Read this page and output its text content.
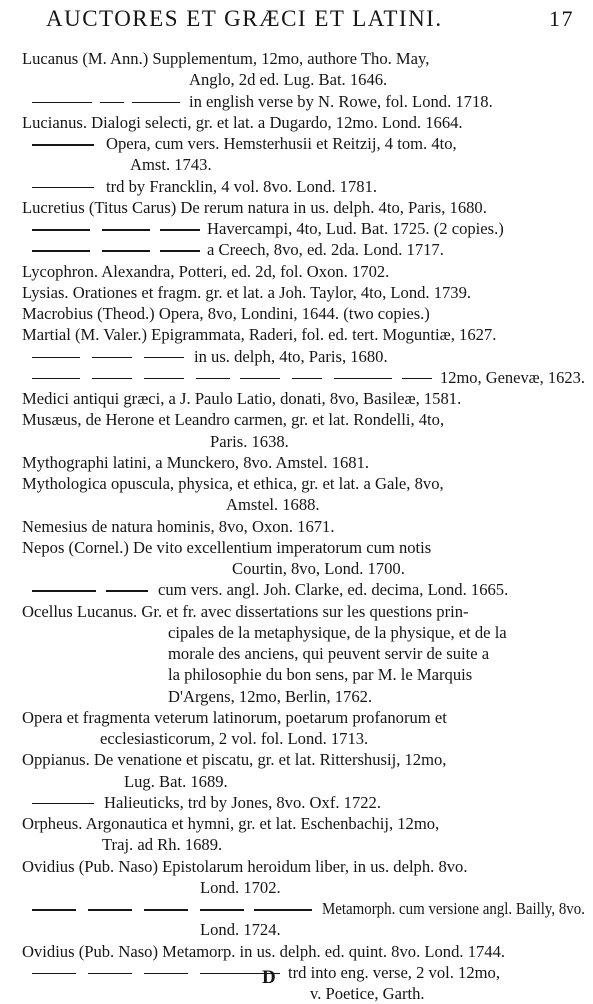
AUCTORES ET GRÆCI ET LATINI.	17
Lucanus (M. Ann.) Supplementum, 12mo, authore Tho. May,
Anglo, 2d ed. Lug. Bat. 1646.
in english verse by N. Rowe, fol. Lond. 1718.
Lucianus. Dialogi selecti, gr. et lat. a Dugardo, 12mo. Lond. 1664.
Opera, cum vers. Hemsterhusii et Reitzij, 4 tom. 4to,
Amst. 1743.
trd by Francklin, 4 vol. 8vo. Lond. 1781.
Lucretius (Titus Carus) De rerum natura in us. delph. 4to, Paris, 1680.
Havercampi, 4to, Lud. Bat. 1725. (2 copies.)
a Creech, 8vo, ed. 2da. Lond. 1717.
Lycophron. Alexandra, Potteri, ed. 2d, fol. Oxon. 1702.
Lysias. Orationes et fragm. gr. et lat. a Joh. Taylor, 4to, Lond. 1739.
Macrobius (Theod.) Opera, 8vo, Londini, 1644. (two copies.)
Martial (M. Valer.) Epigrammata, Raderi, fol. ed. tert. Moguntiæ, 1627.
in us. delph, 4to, Paris, 1680.
12mo, Genevæ, 1623.
Medici antiqui græci, a J. Paulo Latio, donati, 8vo, Basileæ, 1581.
Musæus, de Herone et Leandro carmen, gr. et lat. Rondelli, 4to,
Paris. 1638.
Mythographi latini, a Munckero, 8vo. Amstel. 1681.
Mythologica opuscula, physica, et ethica, gr. et lat. a Gale, 8vo,
Amstel. 1688.
Nemesius de natura hominis, 8vo, Oxon. 1671.
Nepos (Cornel.) De vito excellentium imperatorum cum notis
Courtin, 8vo, Lond. 1700.
cum vers. angl. Joh. Clarke, ed. decima, Lond. 1665.
Ocellus Lucanus. Gr. et fr. avec dissertations sur les questions prin-
cipales de la metaphysique, de la physique, et de la
morale des anciens, qui peuvent servir de suite a
la philosophie du bon sens, par M. le Marquis
D'Argens, 12mo, Berlin, 1762.
Opera et fragmenta veterum latinorum, poetarum profanorum et
ecclesiasticorum, 2 vol. fol. Lond. 1713.
Oppianus. De venatione et piscatu, gr. et lat. Rittershusij, 12mo,
Lug. Bat. 1689.
Halieuticks, trd by Jones, 8vo. Oxf. 1722.
Orpheus. Argonautica et hymni, gr. et lat. Eschenbachij, 12mo,
Traj. ad Rh. 1689.
Ovidius (Pub. Naso) Epistolarum heroidum liber, in us. delph. 8vo.
Lond. 1702.
Metamorph. cum versione angl. Bailly, 8vo.
Lond. 1724.
Ovidius (Pub. Naso) Metamorp. in us. delph. ed. quint. 8vo. Lond. 1744.
trd into eng. verse, 2 vol. 12mo,
v. Poetice, Garth.
D
